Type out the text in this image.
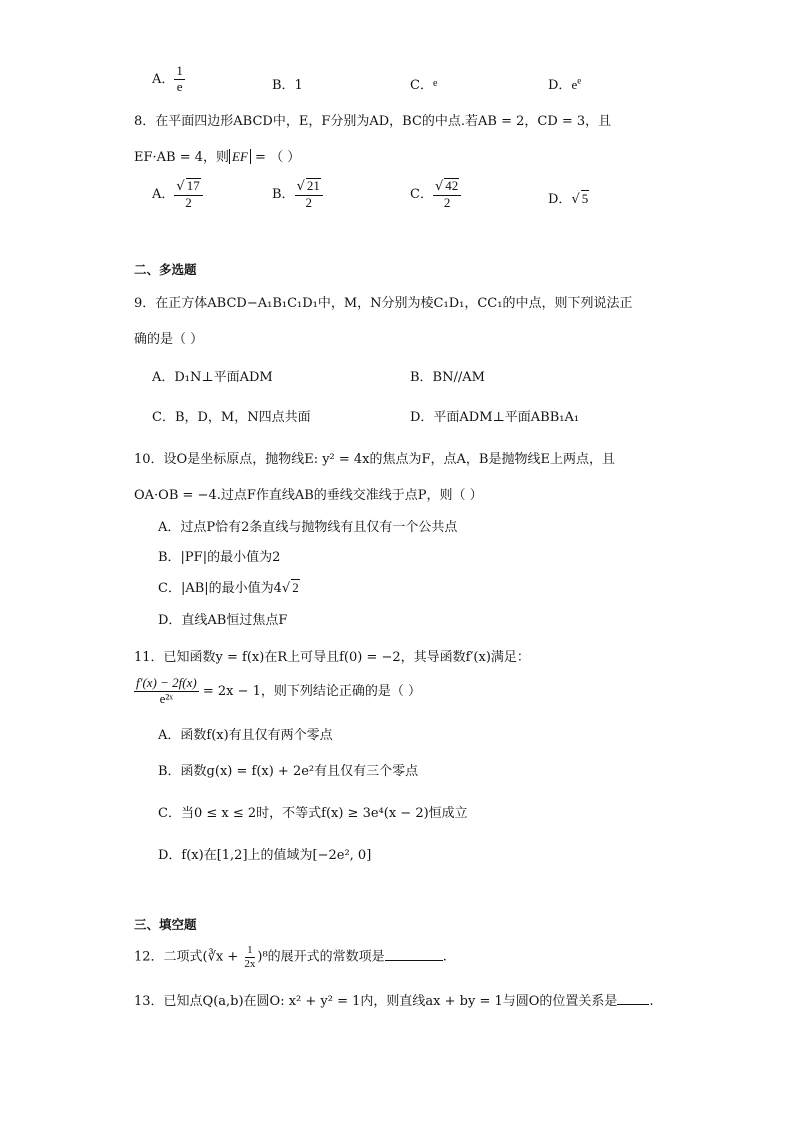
A． $\frac{1}{e}$	B．1	C．$^e$	D．$e^e$
8．在平面四边形ABCD中，E，F分别为AD，BC的中点.若AB = 2，CD = 3，且
EF·AB = 4，则 EF = （ ）
A． $\frac{√ 17}{2}$	B． $\frac{√ 21}{2}$	C． $\frac{√ 42}{2}$	D．√ 5
二、多选题
9．在正方体ABCD−A₁B₁C₁D₁中，M，N分别为棱C₁D₁，CC₁的中点，则下列说法正
确的是（ ）
A．D₁N⊥平面ADM	B．BN//AM
C．B，D，M，N四点共面	D．平面ADM⊥平面ABB₁A₁
10．设O是坐标原点，抛物线E: y² = 4x的焦点为F，点A，B是抛物线E上两点，且
OA·OB = −4.过点F作直线AB的垂线交准线于点P，则（ ）
A．过点P恰有2条直线与抛物线有且仅有一个公共点
B．|PF|的最小值为2
C．|AB|的最小值为4√ 2
D．直线AB恒过焦点F
11．已知函数y = f(x)在R上可导且f(0) = −2，其导函数f′(x)满足：
$\frac{f'(x) - 2f(x)}{\text{e²ˣ}} = 2x - 1$，则下列结论正确的是（ ）
A．函数f(x)有且仅有两个零点
B．函数g(x) = f(x) + 2e²有且仅有三个零点
C．当0 ≤ x ≤ 2时，不等式f(x) ≥ 3e⁴(x − 2)恒成立
D．f(x)在[1,2]上的值域为[−2e², 0]
三、填空题
12．二项式(∛x + $\frac{1}{2x} )^8$的展开式的常数项是	.
13．已知点Q(a,b)在圆O: x² + y² = 1内，则直线ax + by = 1与圆O的位置关系是 .
